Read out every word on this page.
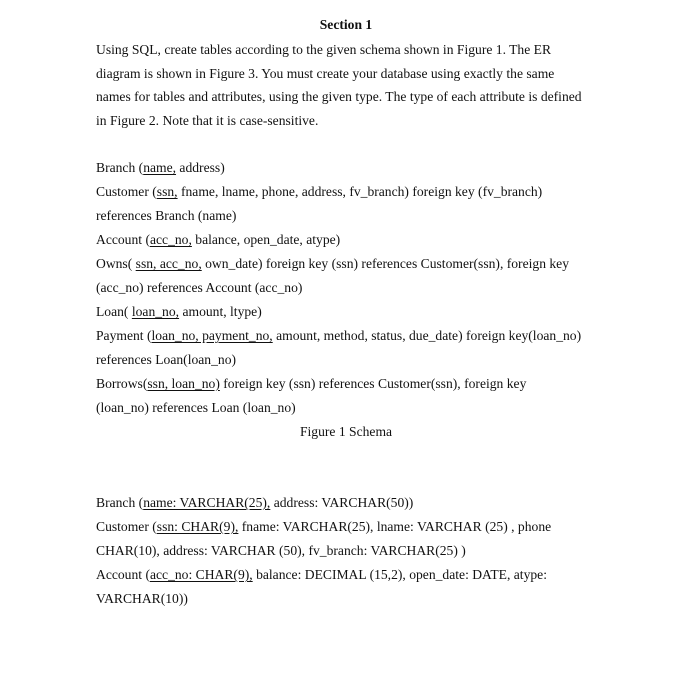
Section 1
Using SQL, create tables according to the given schema shown in Figure 1. The ER
diagram is shown in Figure 3. You must create your database using exactly the same
names for tables and attributes, using the given type. The type of each attribute is defined
in Figure 2. Note that it is case-sensitive.
Branch (name, address)
Customer (ssn, fname, lname, phone, address, fv_branch) foreign key (fv_branch)
references Branch (name)
Account (acc_no, balance, open_date, atype)
Owns( ssn, acc_no, own_date) foreign key (ssn) references Customer(ssn), foreign key
(acc_no) references Account (acc_no)
Loan( loan_no, amount, ltype)
Payment (loan_no, payment_no, amount, method, status, due_date) foreign key(loan_no)
references Loan(loan_no)
Borrows(ssn, loan_no) foreign key (ssn) references Customer(ssn), foreign key
(loan_no) references Loan (loan_no)
Figure 1 Schema
Branch (name: VARCHAR(25), address: VARCHAR(50))
Customer (ssn: CHAR(9), fname: VARCHAR(25), lname: VARCHAR (25) , phone
CHAR(10), address: VARCHAR (50), fv_branch: VARCHAR(25) )
Account (acc_no: CHAR(9), balance: DECIMAL (15,2), open_date: DATE, atype:
VARCHAR(10))
